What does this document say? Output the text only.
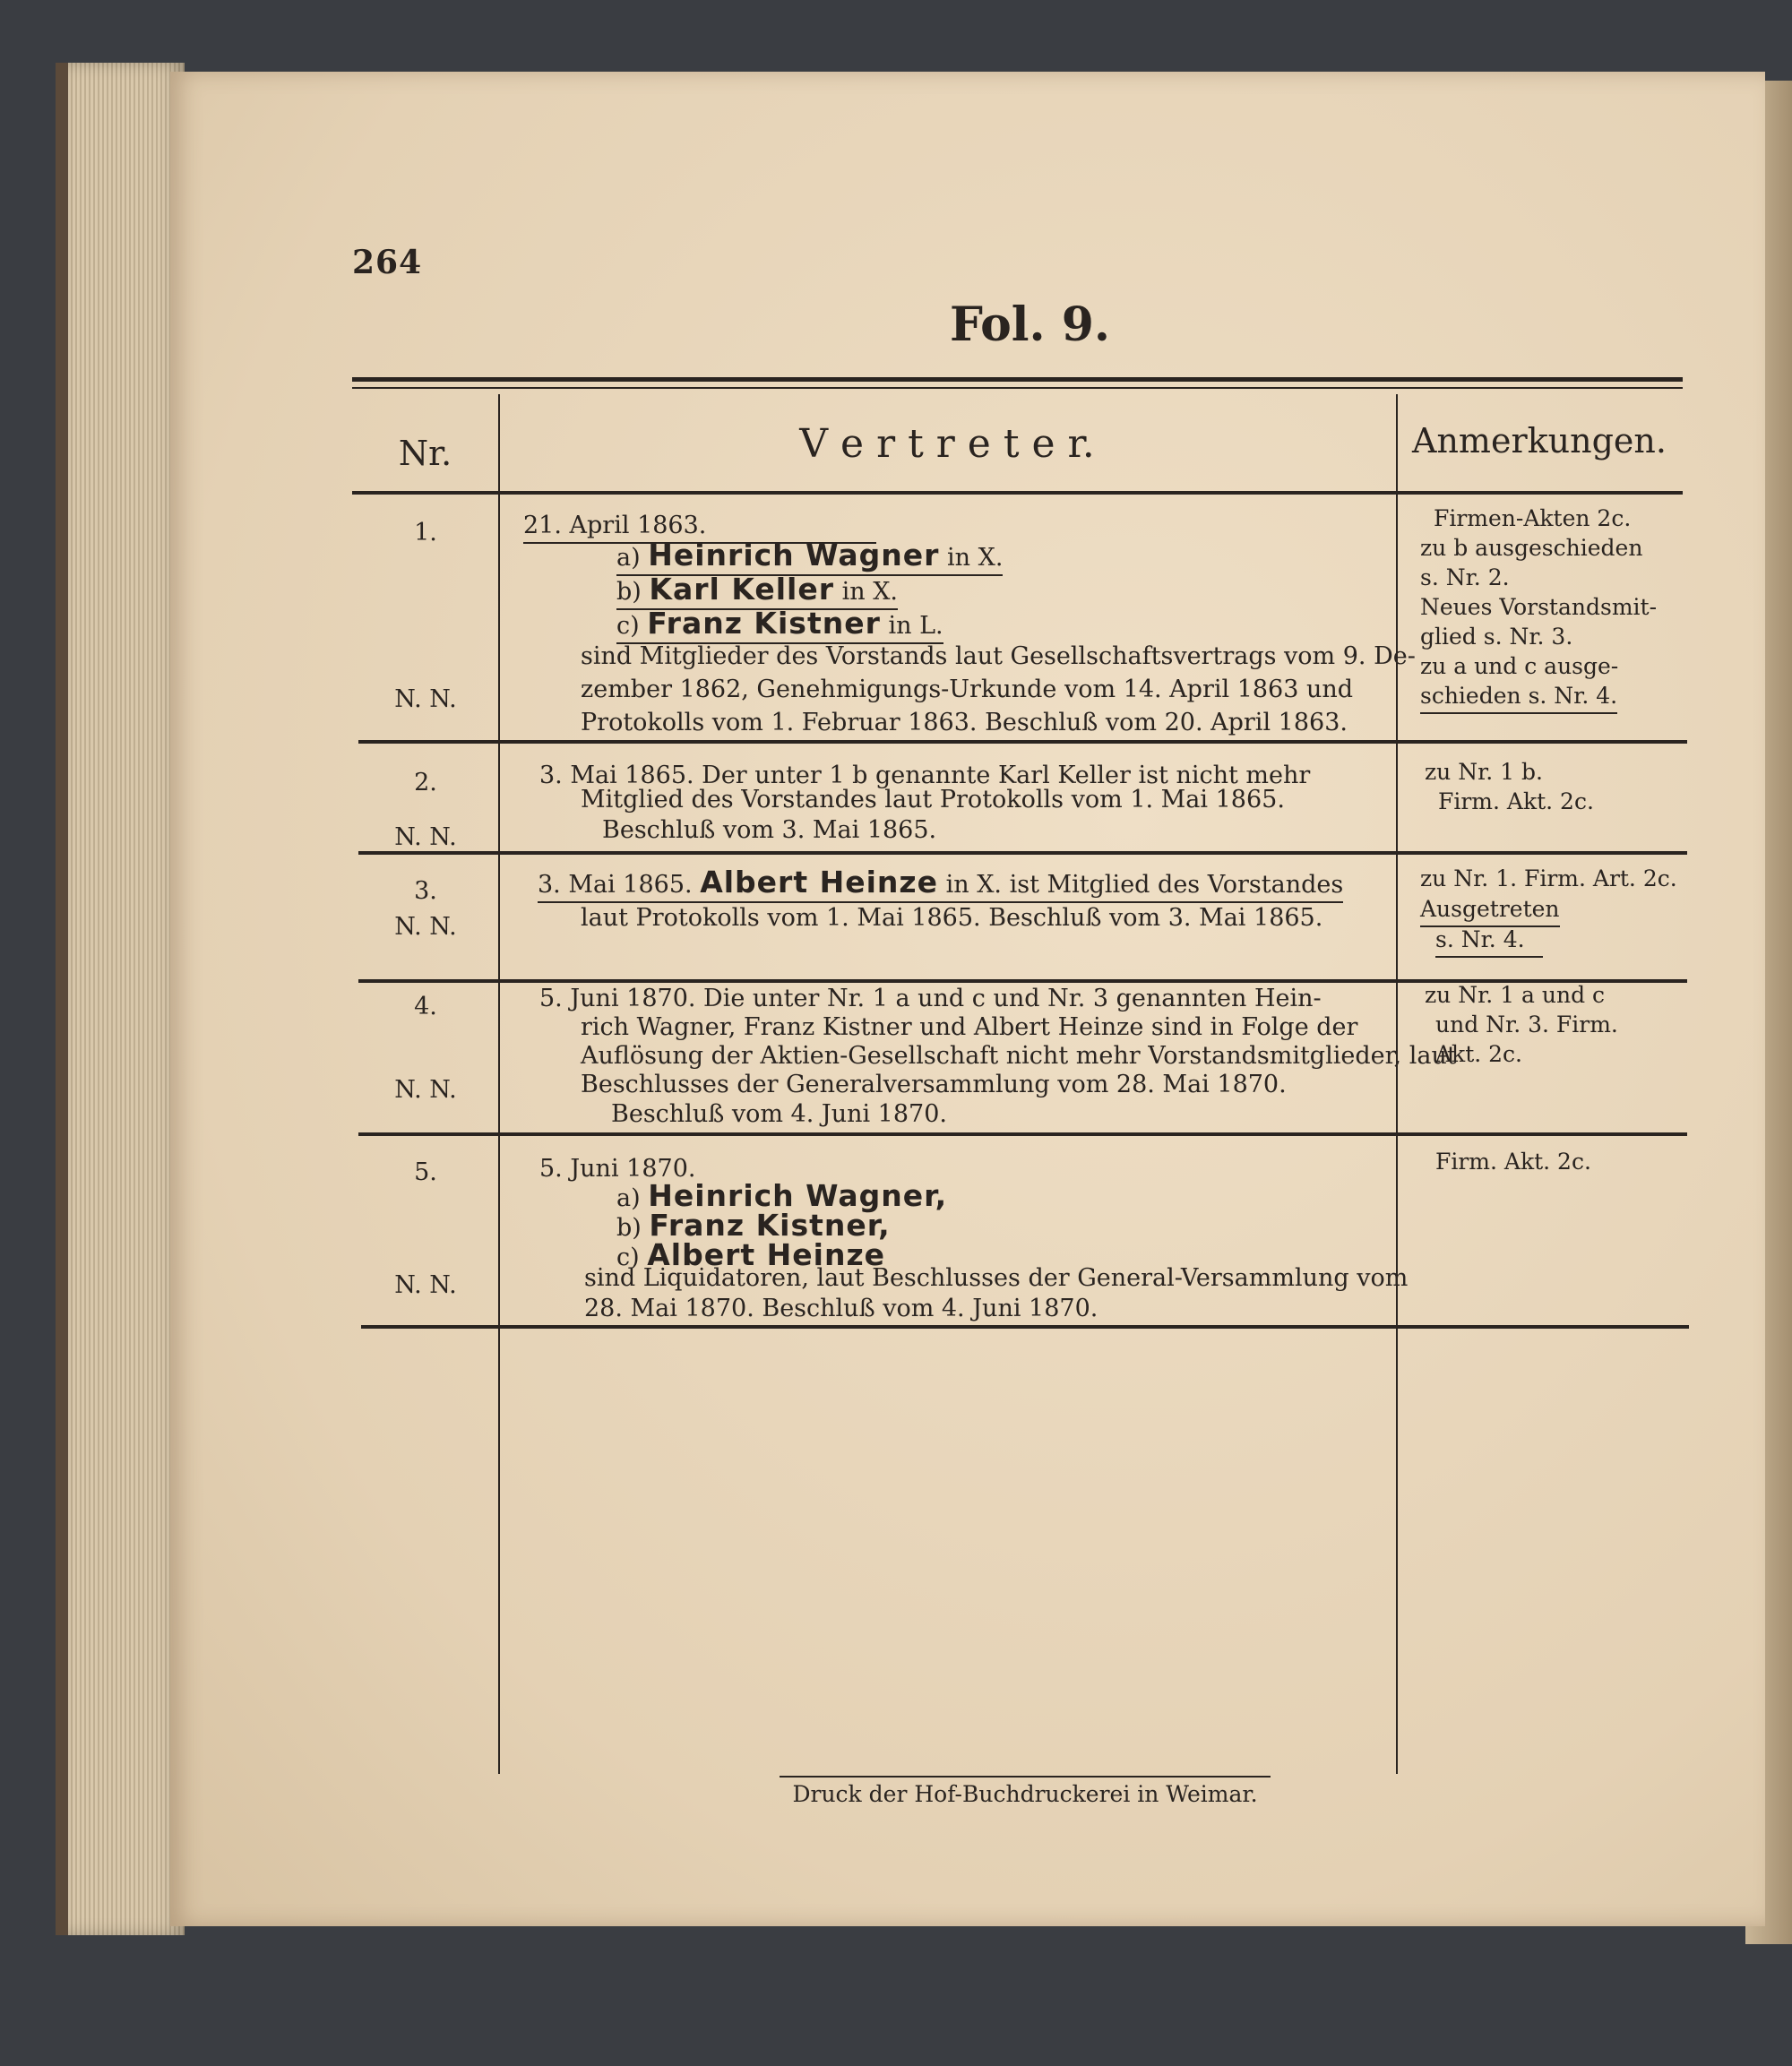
264
Fol. 9.
Nr.	V e r t r e t e r.	Anmerkungen.
1.
N. N.
21. April 1863.
a) Heinrich Wagner in X.
b) Karl Keller in X.
c) Franz Kistner in L.
sind Mitglieder des Vorstands laut Gesellschaftsvertrags vom 9. De-
zember 1862, Genehmigungs-Urkunde vom 14. April 1863 und
Protokolls vom 1. Februar 1863. Beschluß vom 20. April 1863.
Firmen-Akten 2c.
zu b ausgeschieden
s. Nr. 2.
Neues Vorstandsmit-
glied s. Nr. 3.
zu a und c ausge-
schieden s. Nr. 4.
2.
N. N.
3. Mai 1865. Der unter 1 b genannte Karl Keller ist nicht mehr
Mitglied des Vorstandes laut Protokolls vom 1. Mai 1865.
Beschluß vom 3. Mai 1865.
zu Nr. 1 b.
Firm. Akt. 2c.
3.
N. N.
3. Mai 1865. Albert Heinze in X. ist Mitglied des Vorstandes
laut Protokolls vom 1. Mai 1865. Beschluß vom 3. Mai 1865.
zu Nr. 1. Firm. Art. 2c.
Ausgetreten
s. Nr. 4.
4.
N. N.
5. Juni 1870. Die unter Nr. 1 a und c und Nr. 3 genannten Hein-
rich Wagner, Franz Kistner und Albert Heinze sind in Folge der
Auflösung der Aktien-Gesellschaft nicht mehr Vorstandsmitglieder, laut
Beschlusses der Generalversammlung vom 28. Mai 1870.
Beschluß vom 4. Juni 1870.
zu Nr. 1 a und c
und Nr. 3. Firm.
Akt. 2c.
5.
N. N.
5. Juni 1870.
a) Heinrich Wagner,
b) Franz Kistner,
c) Albert Heinze
sind Liquidatoren, laut Beschlusses der General-Versammlung vom
28. Mai 1870. Beschluß vom 4. Juni 1870.
Firm. Akt. 2c.
Druck der Hof-Buchdruckerei in Weimar.
